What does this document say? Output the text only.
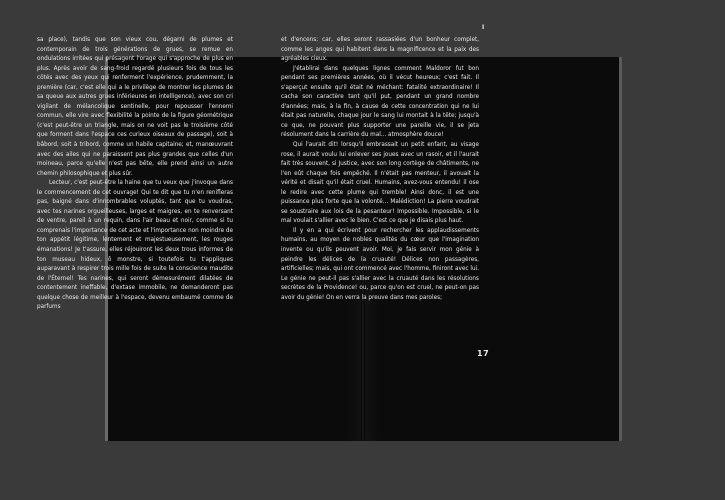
sa place), tandis que son vieux cou, dégarni de plumes et contemporain de trois générations de grues, se remue en ondulations irritées qui présagent l'orage qui s'approche de plus en plus. Après avoir de sang-froid regardé plusieurs fois de tous les côtés avec des yeux qui renferment l'expérience, prudemment, la première (car, c'est elle qui a le privilège de montrer les plumes de sa queue aux autres grues inférieures en intelligence), avec son cri vigilant de mélancolique sentinelle, pour repousser l'ennemi commun, elle vire avec flexibilité la pointe de la figure géométrique (c'est peut-être un triangle, mais on ne voit pas le troisième côté que forment dans l'espace ces curieux oiseaux de passage), soit à bâbord, soit à tribord, comme un habile capitaine; et, manœuvrant avec des ailes qui ne paraissent pas plus grandes que celles d'un moineau, parce qu'elle n'est pas bête, elle prend ainsi un autre chemin philosophique et plus sûr.

Lecteur, c'est peut-être la haine que tu veux que j'invoque dans le commencement de cet ouvrage! Qui te dit que tu n'en renifleras pas, baigné dans d'innombrables voluptés, tant que tu voudras, avec tes narines orgueilleuses, larges et maigres, en te renversant de ventre, pareil à un requin, dans l'air beau et noir, comme si tu comprenais l'importance de cet acte et l'importance non moindre de ton appétit légitime, lentement et majestueusement, les rouges émanations! Je t'assure, elles réjouiront les deux trous informes de ton museau hideux, ô monstre, si toutefois tu t'appliques auparavant à respirer trois mille fois de suite la conscience maudite de l'Éternel! Tes narines, qui seront démesurément dilatées de contentement ineffable, d'extase immobile, ne demanderont pas quelque chose de meilleur à l'espace, devenu embaumé comme de parfums

I

et d'encens; car, elles seront rassasiées d'un bonheur complet, comme les anges qui habitent dans la magnificence et la paix des agréables cieux.

J'établirai dans quelques lignes comment Maldoror fut bon pendant ses premières années, où il vécut heureux; c'est fait. Il s'aperçut ensuite qu'il était né méchant: fatalité extraordinaire! Il cacha son caractère tant qu'il put, pendant un grand nombre d'années; mais, à la fin, à cause de cette concentration qui ne lui était pas naturelle, chaque jour le sang lui montait à la tête; jusqu'à ce que, ne pouvant plus supporter une pareille vie, il se jeta résolument dans la carrière du mal... atmosphère douce!

Qui l'aurait dit! lorsqu'il embrassait un petit enfant, au visage rose, il aurait voulu lui enlever ses joues avec un rasoir, et il l'aurait fait très souvent, si Justice, avec son long cortège de châtiments, ne l'en eût chaque fois empêché. Il n'était pas menteur, il avouait la vérité et disait qu'il était cruel. Humains, avez-vous entendu! il ose le redire avec cette plume qui tremble! Ainsi donc, il est une puissance plus forte que la volonté... Malédiction! La pierre voudrait se soustraire aux lois de la pesanteur! Impossible. Impossible, si le mal voulait s'allier avec le bien. C'est ce que je disais plus haut.

Il y en a qui écrivent pour rechercher les applaudissements humains, au moyen de nobles qualités du cœur que l'imagination invente ou qu'ils peuvent avoir. Moi, je fais servir mon génie à peindre les délices de la cruauté! Délices non passagères, artificielles; mais, qui ont commencé avec l'homme, finiront avec lui. Le génie ne peut-il pas s'allier avec la cruauté dans les résolutions secrètes de la Providence! ou, parce qu'on est cruel, ne peut-on pas avoir du génie! On en verra la preuve dans mes paroles;

17
